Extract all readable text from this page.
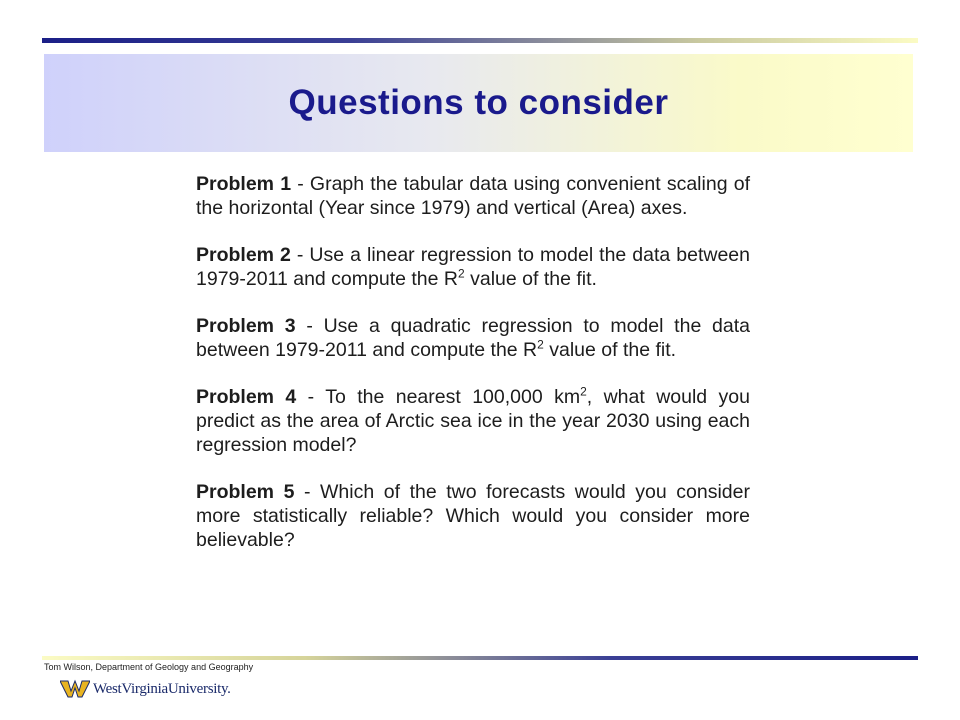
Questions to consider

Problem 1 - Graph the tabular data using convenient scaling of the horizontal (Year since 1979) and vertical (Area) axes.

Problem 2 - Use a linear regression to model the data between 1979-2011 and compute the $R^2$ value of the fit.

Problem 3 - Use a quadratic regression to model the data between 1979-2011 and compute the $R^2$ value of the fit.

Problem 4 - To the nearest 100,000 $km^2$, what would you predict as the area of Arctic sea ice in the year 2030 using each regression model?

Problem 5 - Which of the two forecasts would you consider more statistically reliable? Which would you consider more believable?

Tom Wilson, Department of Geology and Geography
WestVirginiaUniversity.
